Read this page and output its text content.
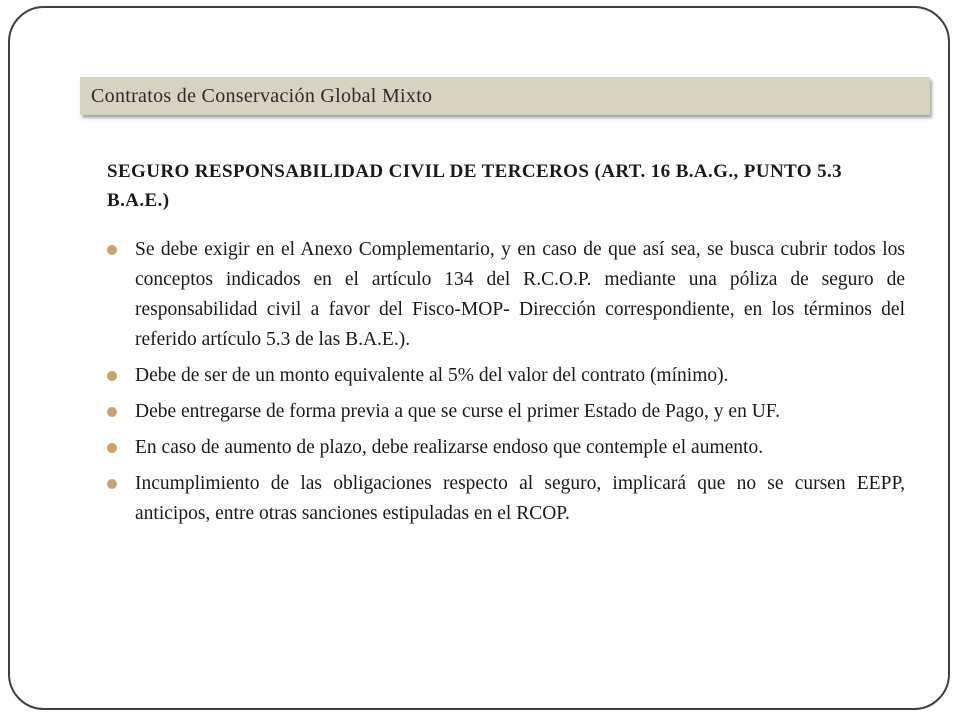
Contratos de Conservación Global Mixto

SEGURO RESPONSABILIDAD CIVIL DE TERCEROS (ART. 16 B.A.G., PUNTO 5.3 B.A.E.)

Se debe exigir en el Anexo Complementario, y en caso de que así sea, se busca cubrir todos los conceptos indicados en el artículo 134 del R.C.O.P. mediante una póliza de seguro de responsabilidad civil a favor del Fisco-MOP- Dirección correspondiente, en los términos del referido artículo 5.3 de las B.A.E.).
Debe de ser de un monto equivalente al 5% del valor del contrato (mínimo).
Debe entregarse de forma previa a que se curse el primer Estado de Pago, y en UF.
En caso de aumento de plazo, debe realizarse endoso que contemple el aumento.
Incumplimiento de las obligaciones respecto al seguro, implicará que no se cursen EEPP, anticipos, entre otras sanciones estipuladas en el RCOP.
